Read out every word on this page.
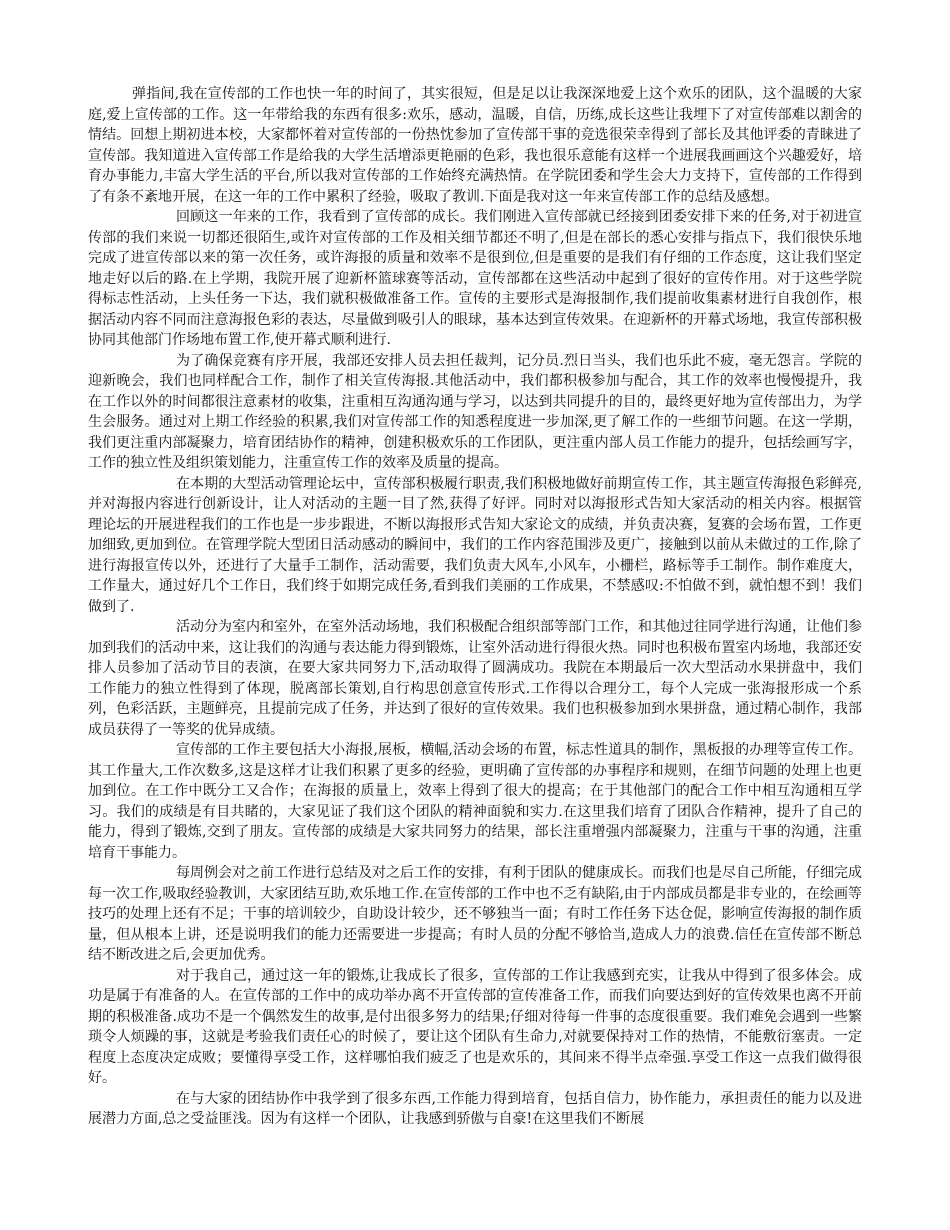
弹指间,我在宣传部的工作也快一年的时间了，其实很短，但是足以让我深深地爱上这个欢乐的团队，这个温暖的大家庭,爱上宣传部的工作。这一年带给我的东西有很多:欢乐，感动，温暖，自信，历练,成长这些让我埋下了对宣传部难以割舍的情结。回想上期初进本校，大家都怀着对宣传部的一份热忱参加了宣传部干事的竞选很荣幸得到了部长及其他评委的青睐进了宣传部。我知道进入宣传部工作是给我的大学生活增添更艳丽的色彩，我也很乐意能有这样一个进展我画画这个兴趣爱好，培育办事能力,丰富大学生活的平台,所以我对宣传部的工作始终充满热情。在学院团委和学生会大力支持下，宣传部的工作得到了有条不紊地开展，在这一年的工作中累积了经验，吸取了教训.下面是我对这一年来宣传部工作的总结及感想。

回顾这一年来的工作，我看到了宣传部的成长。我们刚进入宣传部就已经接到团委安排下来的任务,对于初进宣传部的我们来说一切都还很陌生,或许对宣传部的工作及相关细节都还不明了,但是在部长的悉心安排与指点下，我们很快乐地完成了进宣传部以来的第一次任务，或许海报的质量和效率不是很到位,但是重要的是我们有仔细的工作态度，这让我们坚定地走好以后的路.在上学期，我院开展了迎新杯篮球赛等活动，宣传部都在这些活动中起到了很好的宣传作用。对于这些学院得标志性活动，上头任务一下达，我们就积极做准备工作。宣传的主要形式是海报制作,我们提前收集素材进行自我创作，根据活动内容不同而注意海报色彩的表达，尽量做到吸引人的眼球，基本达到宣传效果。在迎新杯的开幕式场地，我宣传部积极协同其他部门作场地布置工作,使开幕式顺利进行.

为了确保竞赛有序开展，我部还安排人员去担任裁判，记分员.烈日当头，我们也乐此不疲，毫无怨言。学院的迎新晚会，我们也同样配合工作，制作了相关宣传海报.其他活动中，我们都积极参加与配合，其工作的效率也慢慢提升，我在工作以外的时间都很注意素材的收集，注重相互沟通沟通与学习，以达到共同提升的目的，最终更好地为宣传部出力，为学生会服务。通过对上期工作经验的积累,我们对宣传部工作的知悉程度进一步加深,更了解工作的一些细节问题。在这一学期，我们更注重内部凝聚力，培育团结协作的精神，创建积极欢乐的工作团队，更注重内部人员工作能力的提升，包括绘画写字，工作的独立性及组织策划能力，注重宣传工作的效率及质量的提高。

在本期的大型活动管理论坛中，宣传部积极履行职责,我们积极地做好前期宣传工作，其主题宣传海报色彩鲜亮,并对海报内容进行创新设计，让人对活动的主题一目了然,获得了好评。同时对以海报形式告知大家活动的相关内容。根据管理论坛的开展进程我们的工作也是一步步跟进，不断以海报形式告知大家论文的成绩，并负责决赛，复赛的会场布置，工作更加细致,更加到位。在管理学院大型团日活动感动的瞬间中，我们的工作内容范围涉及更广，接触到以前从未做过的工作,除了进行海报宣传以外，还进行了大量手工制作，活动需要，我们负责大风车,小风车，小栅栏，路标等手工制作。制作难度大，工作量大，通过好几个工作日，我们终于如期完成任务,看到我们美丽的工作成果，不禁感叹:不怕做不到，就怕想不到！我们做到了.

活动分为室内和室外，在室外活动场地，我们积极配合组织部等部门工作，和其他过往同学进行沟通，让他们参加到我们的活动中来，这让我们的沟通与表达能力得到锻炼，让室外活动进行得很火热。同时也积极布置室内场地，我部还安排人员参加了活动节目的表演，在要大家共同努力下,活动取得了圆满成功。我院在本期最后一次大型活动水果拼盘中，我们工作能力的独立性得到了体现，脱离部长策划,自行构思创意宣传形式.工作得以合理分工，每个人完成一张海报形成一个系列，色彩活跃，主题鲜亮，且提前完成了任务，并达到了很好的宣传效果。我们也积极参加到水果拼盘，通过精心制作，我部成员获得了一等奖的优异成绩。

宣传部的工作主要包括大小海报,展板，横幅,活动会场的布置，标志性道具的制作，黑板报的办理等宣传工作。其工作量大,工作次数多,这是这样才让我们积累了更多的经验，更明确了宣传部的办事程序和规则，在细节问题的处理上也更加到位。在工作中既分工又合作；在海报的质量上，效率上得到了很大的提高；在于其他部门的配合工作中相互沟通相互学习。我们的成绩是有目共睹的，大家见证了我们这个团队的精神面貌和实力.在这里我们培育了团队合作精神，提升了自己的能力，得到了锻炼,交到了朋友。宣传部的成绩是大家共同努力的结果，部长注重增强内部凝聚力，注重与干事的沟通，注重培育干事能力。

每周例会对之前工作进行总结及对之后工作的安排，有利于团队的健康成长。而我们也是尽自己所能，仔细完成每一次工作,吸取经验教训，大家团结互助,欢乐地工作.在宣传部的工作中也不乏有缺陷,由于内部成员都是非专业的，在绘画等技巧的处理上还有不足；干事的培训较少，自助设计较少，还不够独当一面；有时工作任务下达仓促，影响宣传海报的制作质量，但从根本上讲，还是说明我们的能力还需要进一步提高；有时人员的分配不够恰当,造成人力的浪费.信任在宣传部不断总结不断改进之后,会更加优秀。

对于我自己，通过这一年的锻炼,让我成长了很多，宣传部的工作让我感到充实，让我从中得到了很多体会。成功是属于有准备的人。在宣传部的工作中的成功举办离不开宣传部的宣传准备工作，而我们向要达到好的宣传效果也离不开前期的积极准备.成功不是一个偶然发生的故事,是付出很多努力的结果;仔细对待每一件事的态度很重要。我们难免会遇到一些繁琐令人烦躁的事，这就是考验我们责任心的时候了，要让这个团队有生命力,对就要保持对工作的热情，不能敷衍塞责。一定程度上态度决定成败；要懂得享受工作，这样哪怕我们疲乏了也是欢乐的，其间来不得半点牵强.享受工作这一点我们做得很好。

在与大家的团结协作中我学到了很多东西,工作能力得到培育，包括自信力，协作能力，承担责任的能力以及进展潜力方面,总之受益匪浅。因为有这样一个团队，让我感到骄傲与自豪!在这里我们不断展
